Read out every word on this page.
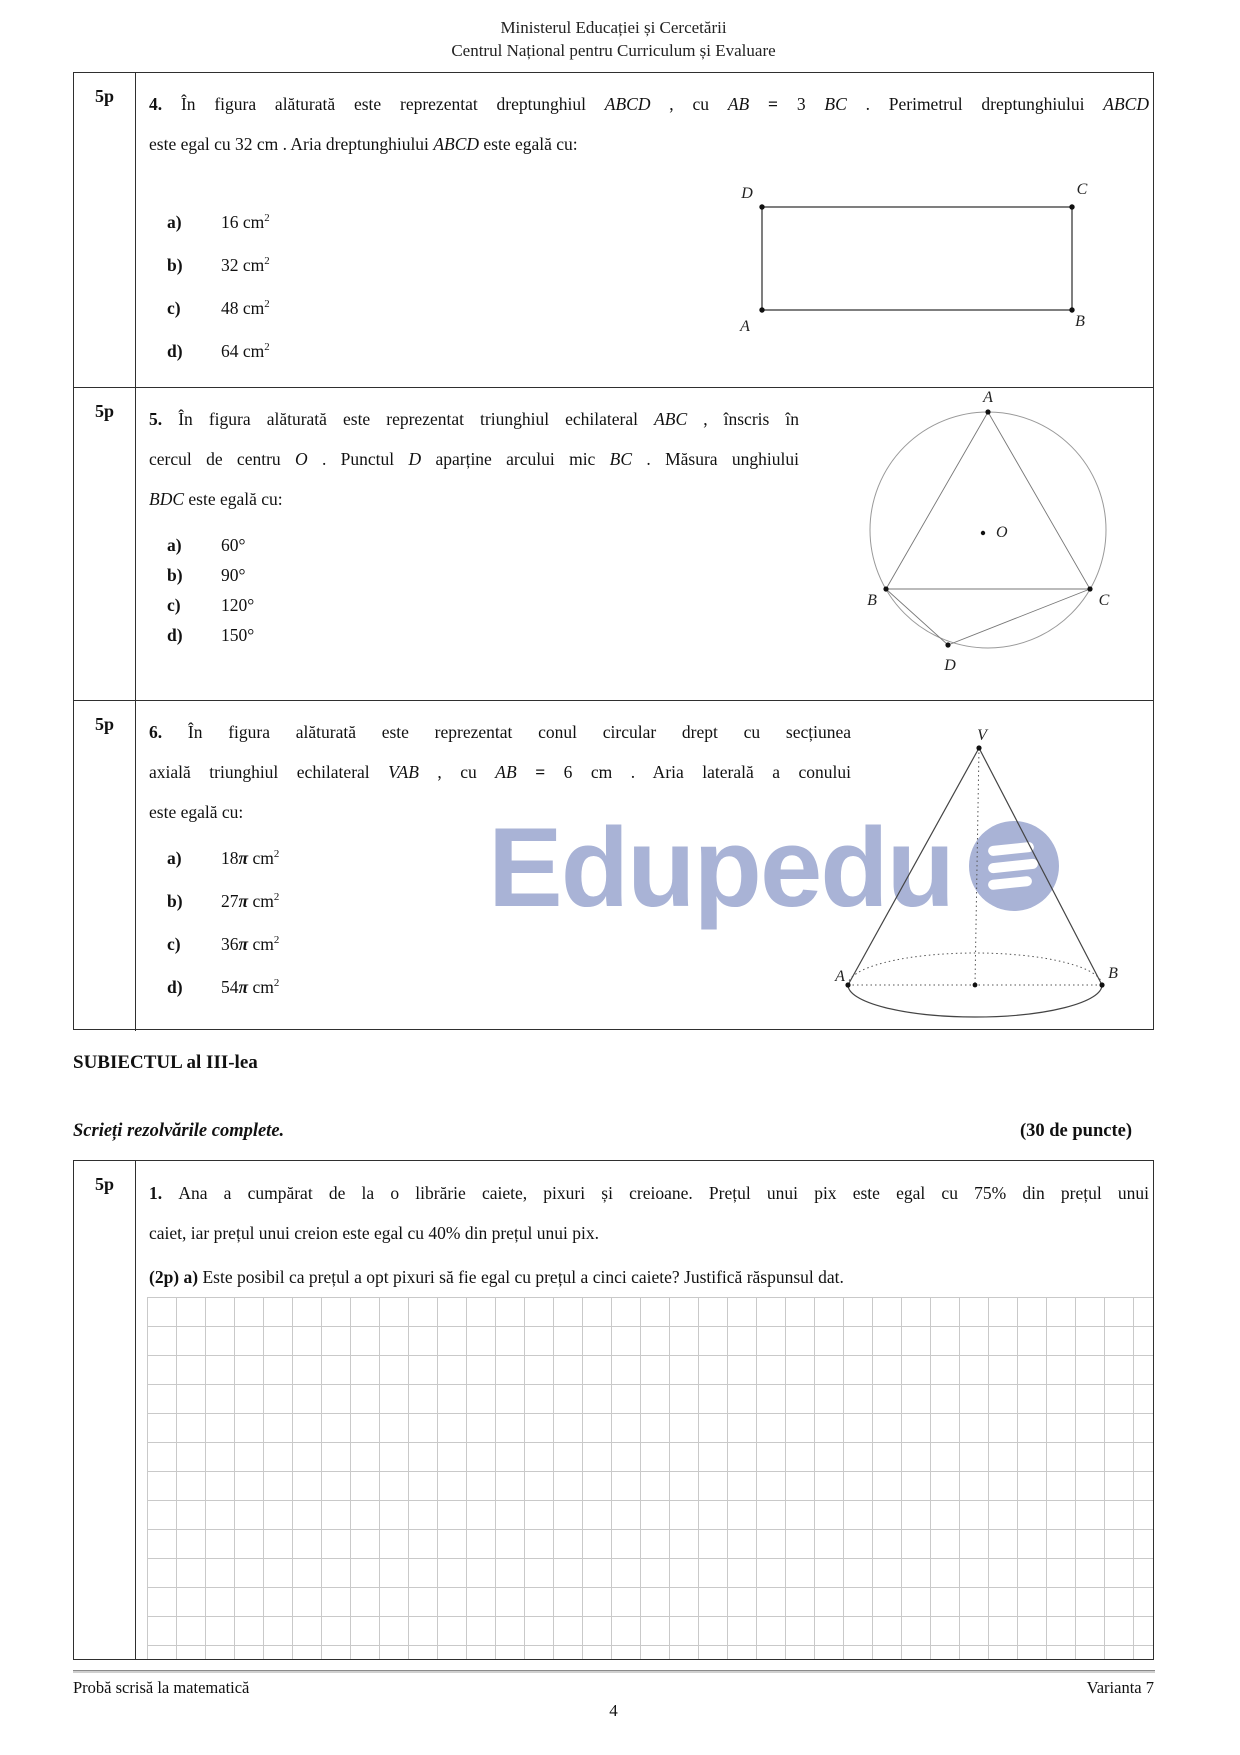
Ministerul Educației și Cercetării
Centrul Național pentru Curriculum și Evaluare
Edupedu
5p	4. În figura alăturată este reprezentat dreptunghiul ABCD , cu AB = 3 BC . Perimetrul dreptunghiului ABCD
este egal cu 32 cm . Aria dreptunghiului ABCD este egală cu:
a) 16 $cm^2$
b) 32 $cm^2$
c) 48 $cm^2$
d) 64 $cm^2$
5p	5. În figura alăturată este reprezentat triunghiul echilateral ABC , înscris în
cercul de centru O . Punctul D aparține arcului mic BC . Măsura unghiului
BDC este egală cu:
a) 60°
b) 90°
c) 120°
d) 150°
5p	6. În figura alăturată este reprezentat conul circular drept cu secțiunea
axială triunghiul echilateral VAB , cu AB = 6 cm . Aria laterală a conului
este egală cu:
a) 18π $cm^2$
b) 27π $cm^2$
c) 36π $cm^2$
d) 54π $cm^2$
D	C
A	B
A
B	C
D
O
V
A	B
SUBIECTUL al III-lea
Scrieți rezolvările complete.	(30 de puncte)
5p	1. Ana a cumpărat de la o librărie caiete, pixuri și creioane. Prețul unui pix este egal cu 75% din prețul unui
caiet, iar prețul unui creion este egal cu 40% din prețul unui pix.
(2p) a) Este posibil ca prețul a opt pixuri să fie egal cu prețul a cinci caiete? Justifică răspunsul dat.
Probă scrisă la matematică	Varianta 7
4
